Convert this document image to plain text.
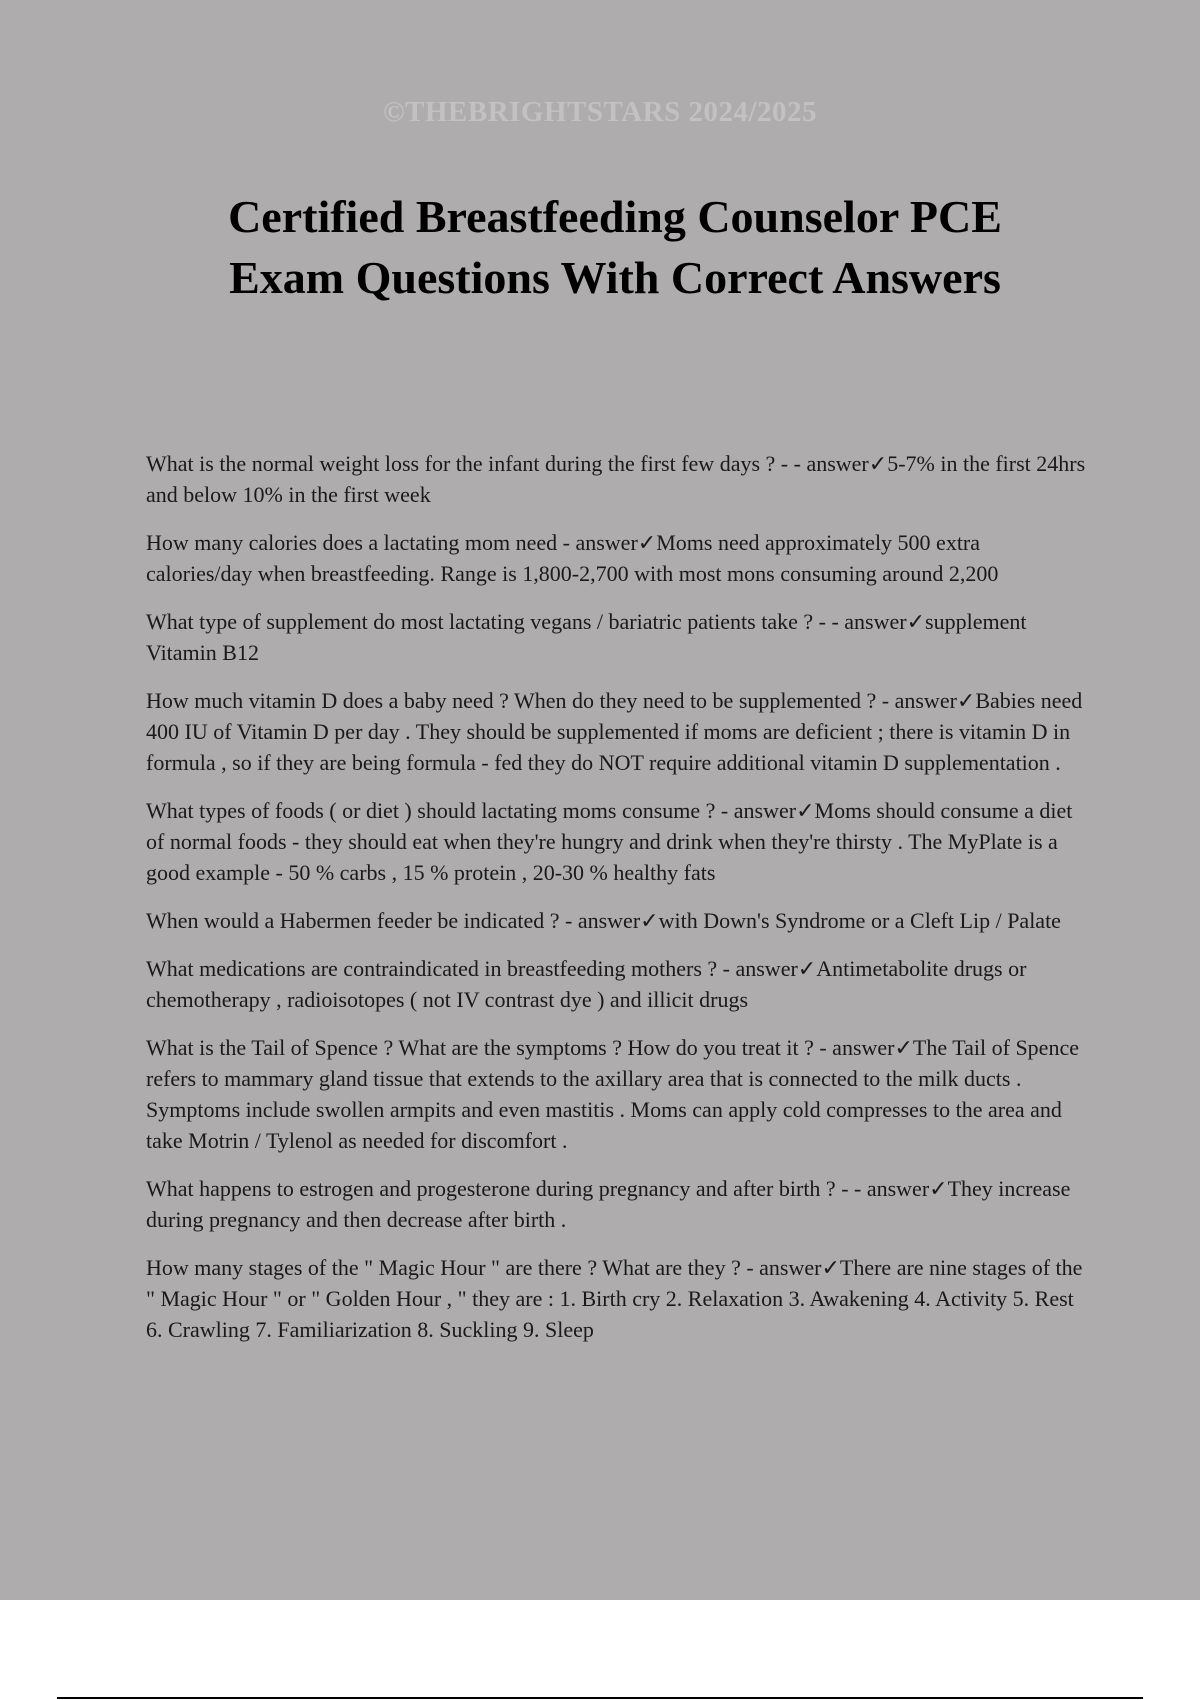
©THEBRIGHTSTARS 2024/2025
Certified Breastfeeding Counselor PCE
Exam Questions With Correct Answers

What is the normal weight loss for the infant during the first few days ? - - answer✓5-7% in the first 24hrs and below 10% in the first week

How many calories does a lactating mom need - answer✓Moms need approximately 500 extra calories/day when breastfeeding. Range is 1,800-2,700 with most mons consuming around 2,200

What type of supplement do most lactating vegans / bariatric patients take ? - - answer✓supplement Vitamin B12

How much vitamin D does a baby need ? When do they need to be supplemented ? - answer✓Babies need 400 IU of Vitamin D per day . They should be supplemented if moms are deficient ; there is vitamin D in formula , so if they are being formula - fed they do NOT require additional vitamin D supplementation .

What types of foods ( or diet ) should lactating moms consume ? - answer✓Moms should consume a diet of normal foods - they should eat when they're hungry and drink when they're thirsty . The MyPlate is a good example - 50 % carbs , 15 % protein , 20-30 % healthy fats

When would a Habermen feeder be indicated ? - answer✓with Down's Syndrome or a Cleft Lip / Palate

What medications are contraindicated in breastfeeding mothers ? - answer✓Antimetabolite drugs or chemotherapy , radioisotopes ( not IV contrast dye ) and illicit drugs

What is the Tail of Spence ? What are the symptoms ? How do you treat it ? - answer✓The Tail of Spence refers to mammary gland tissue that extends to the axillary area that is connected to the milk ducts . Symptoms include swollen armpits and even mastitis . Moms can apply cold compresses to the area and take Motrin / Tylenol as needed for discomfort .

What happens to estrogen and progesterone during pregnancy and after birth ? - - answer✓They increase during pregnancy and then decrease after birth .

How many stages of the " Magic Hour " are there ? What are they ? - answer✓There are nine stages of the " Magic Hour " or " Golden Hour , " they are : 1. Birth cry 2. Relaxation 3. Awakening 4. Activity 5. Rest 6. Crawling 7. Familiarization 8. Suckling 9. Sleep
